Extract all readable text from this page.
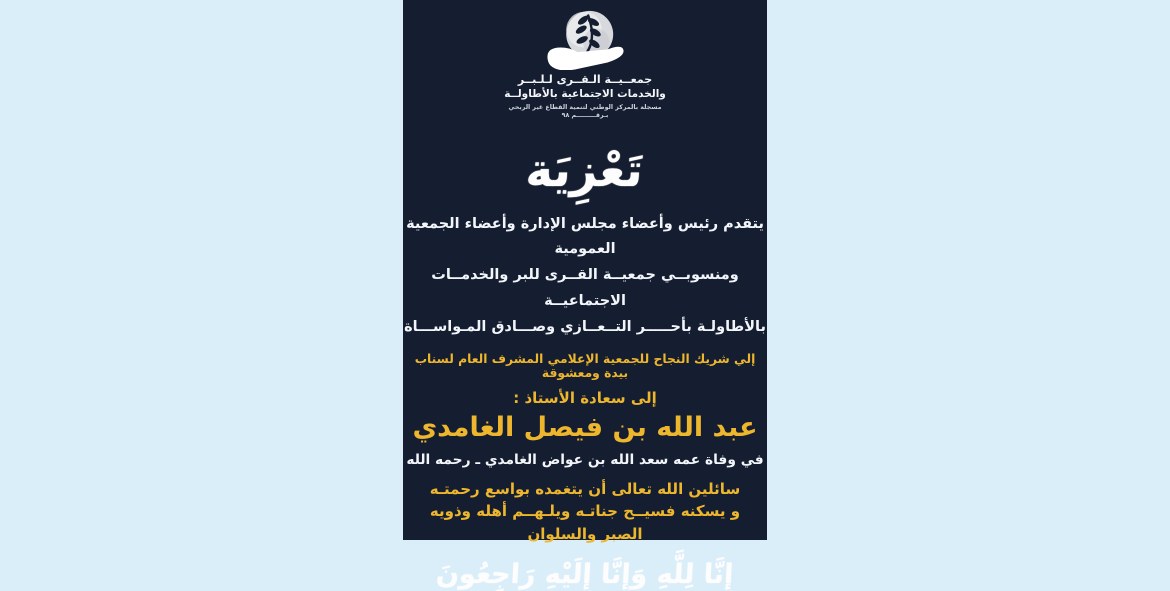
جمعــيــة الـقــرى لـلـبــر
والخدمات الاجتماعية بالأطاولــة
مسجلة بالمركز الوطني لتنمية القطاع غير الربحي
بـرقـــــــــم ٩٨
تَعْزِيَة
يتقدم رئيس وأعضاء مجلس الإدارة وأعضاء الجمعية العمومية
ومنسوبــي جمعيــة القــرى للبر والخدمــات الاجتماعيــة
بالأطاولـة بأحـــــر التــعــازي وصـــادق المـواســـاة
إلي شريك النجاح للجمعية الإعلامي المشرف العام لسناب بيدة ومعشوقة
إلى سعادة الأستاذ :
عبد الله بن فيصل الغامدي
في وفاة عمه سعد الله بن عواض الغامدي ـ رحمه الله
سائلين الله تعالى أن يتغمده بواسع رحمتـه
و يسكنه فسيــح جناتـه ويلـهــم أهله وذويه
الصبر والسلوان
إِنَّا لِلَّهِ وَإِنَّا إِلَيْهِ رَاجِعُونَ
